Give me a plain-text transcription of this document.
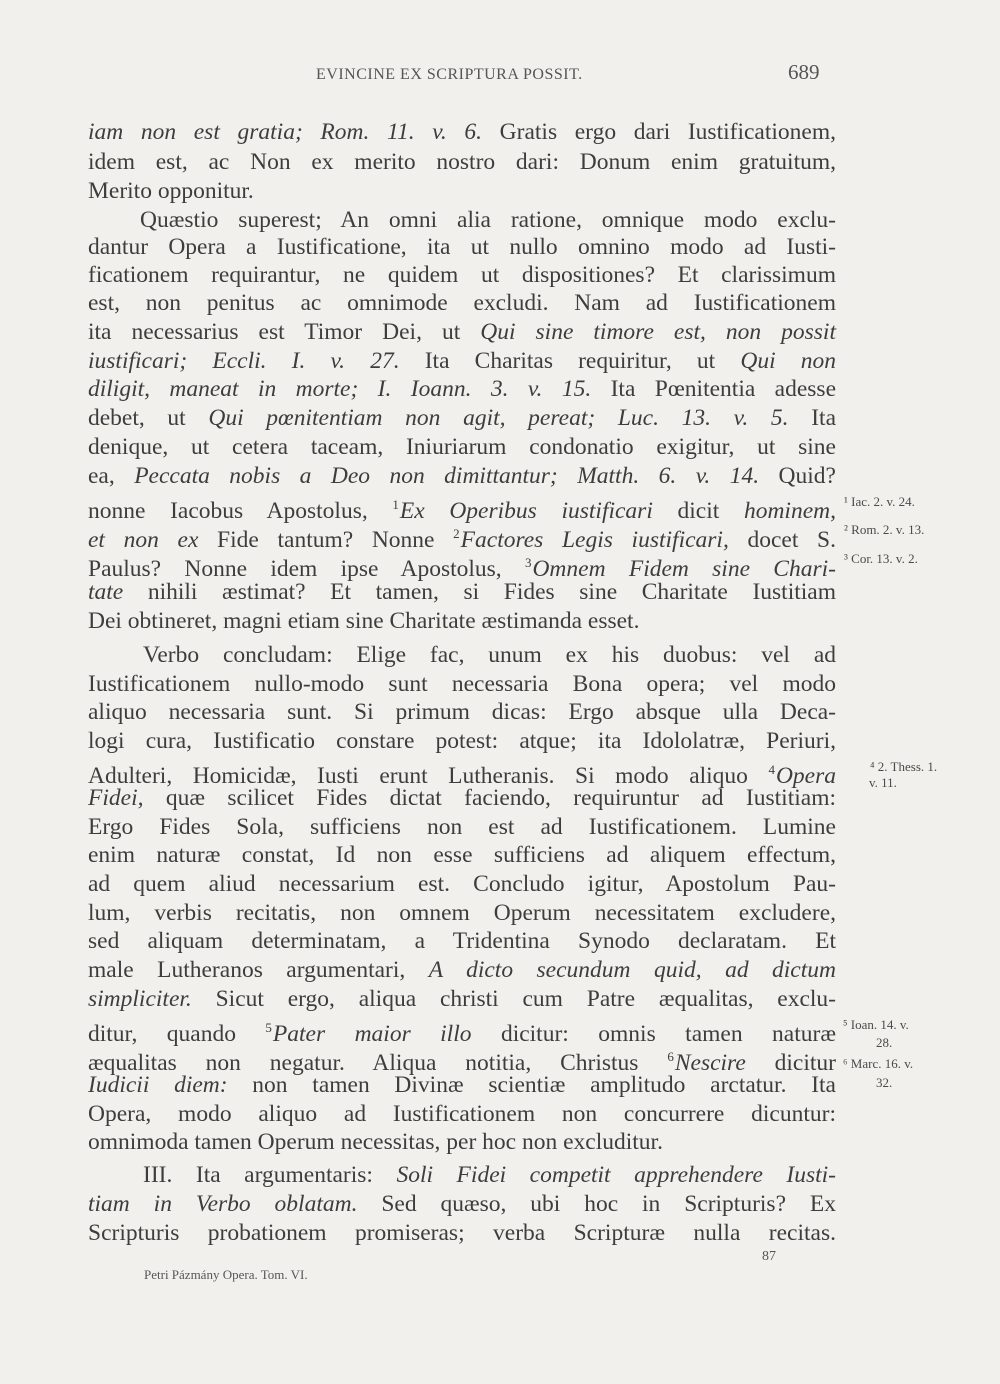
EVINCINE EX SCRIPTURA POSSIT.	689
iam non est gratia; Rom. 11. v. 6. Gratis ergo dari Iustificationem,
idem est, ac Non ex merito nostro dari: Donum enim gratuitum,
Merito opponitur.
Quæstio superest; An omni alia ratione, omnique modo exclu-
dantur Opera a Iustificatione, ita ut nullo omnino modo ad Iusti-
ficationem requirantur, ne quidem ut dispositiones? Et clarissimum
est, non penitus ac omnimode excludi. Nam ad Iustificationem
ita necessarius est Timor Dei, ut Qui sine timore est, non possit
iustificari; Eccli. I. v. 27. Ita Charitas requiritur, ut Qui non
diligit, maneat in morte; I. Ioann. 3. v. 15. Ita Pœnitentia adesse
debet, ut Qui pœnitentiam non agit, pereat; Luc. 13. v. 5. Ita
denique, ut cetera taceam, Iniuriarum condonatio exigitur, ut sine
ea, Peccata nobis a Deo non dimittantur; Matth. 6. v. 14. Quid?
nonne Iacobus Apostolus, $^1$Ex Operibus iustificari dicit hominem,
et non ex Fide tantum? Nonne $^2$Factores Legis iustificari, docet S.
Paulus? Nonne idem ipse Apostolus, $^3$Omnem Fidem sine Chari-
tate nihili æstimat? Et tamen, si Fides sine Charitate Iustitiam
Dei obtineret, magni etiam sine Charitate æstimanda esset.
Verbo concludam: Elige fac, unum ex his duobus: vel ad
Iustificationem nullo-modo sunt necessaria Bona opera; vel modo
aliquo necessaria sunt. Si primum dicas: Ergo absque ulla Deca-
logi cura, Iustificatio constare potest: atque; ita Idololatræ, Periuri,
Adulteri, Homicidæ, Iusti erunt Lutheranis. Si modo aliquo $^4$Opera
Fidei, quæ scilicet Fides dictat faciendo, requiruntur ad Iustitiam:
Ergo Fides Sola, sufficiens non est ad Iustificationem. Lumine
enim naturæ constat, Id non esse sufficiens ad aliquem effectum,
ad quem aliud necessarium est. Concludo igitur, Apostolum Pau-
lum, verbis recitatis, non omnem Operum necessitatem excludere,
sed aliquam determinatam, a Tridentina Synodo declaratam. Et
male Lutheranos argumentari, A dicto secundum quid, ad dictum
simpliciter. Sicut ergo, aliqua christi cum Patre æqualitas, exclu-
ditur, quando $^5$Pater maior illo dicitur: omnis tamen naturæ
æqualitas non negatur. Aliqua notitia, Christus $^6$Nescire dicitur
Iudicii diem: non tamen Divinæ scientiæ amplitudo arctatur. Ita
Opera, modo aliquo ad Iustificationem non concurrere dicuntur:
omnimoda tamen Operum necessitas, per hoc non excluditur.
III. Ita argumentaris: Soli Fidei competit apprehendere Iusti-
tiam in Verbo oblatam. Sed quæso, ubi hoc in Scripturis? Ex
Scripturis probationem promiseras; verba Scripturæ nulla recitas.
¹ Iac. 2. v. 24.
² Rom. 2. v. 13.
³ Cor. 13. v. 2.
⁴ 2. Thess. 1.
v. 11.
⁵ Ioan. 14. v.
28.
⁶ Marc. 16. v.
32.
87
Petri Pázmány Opera. Tom. VI.
